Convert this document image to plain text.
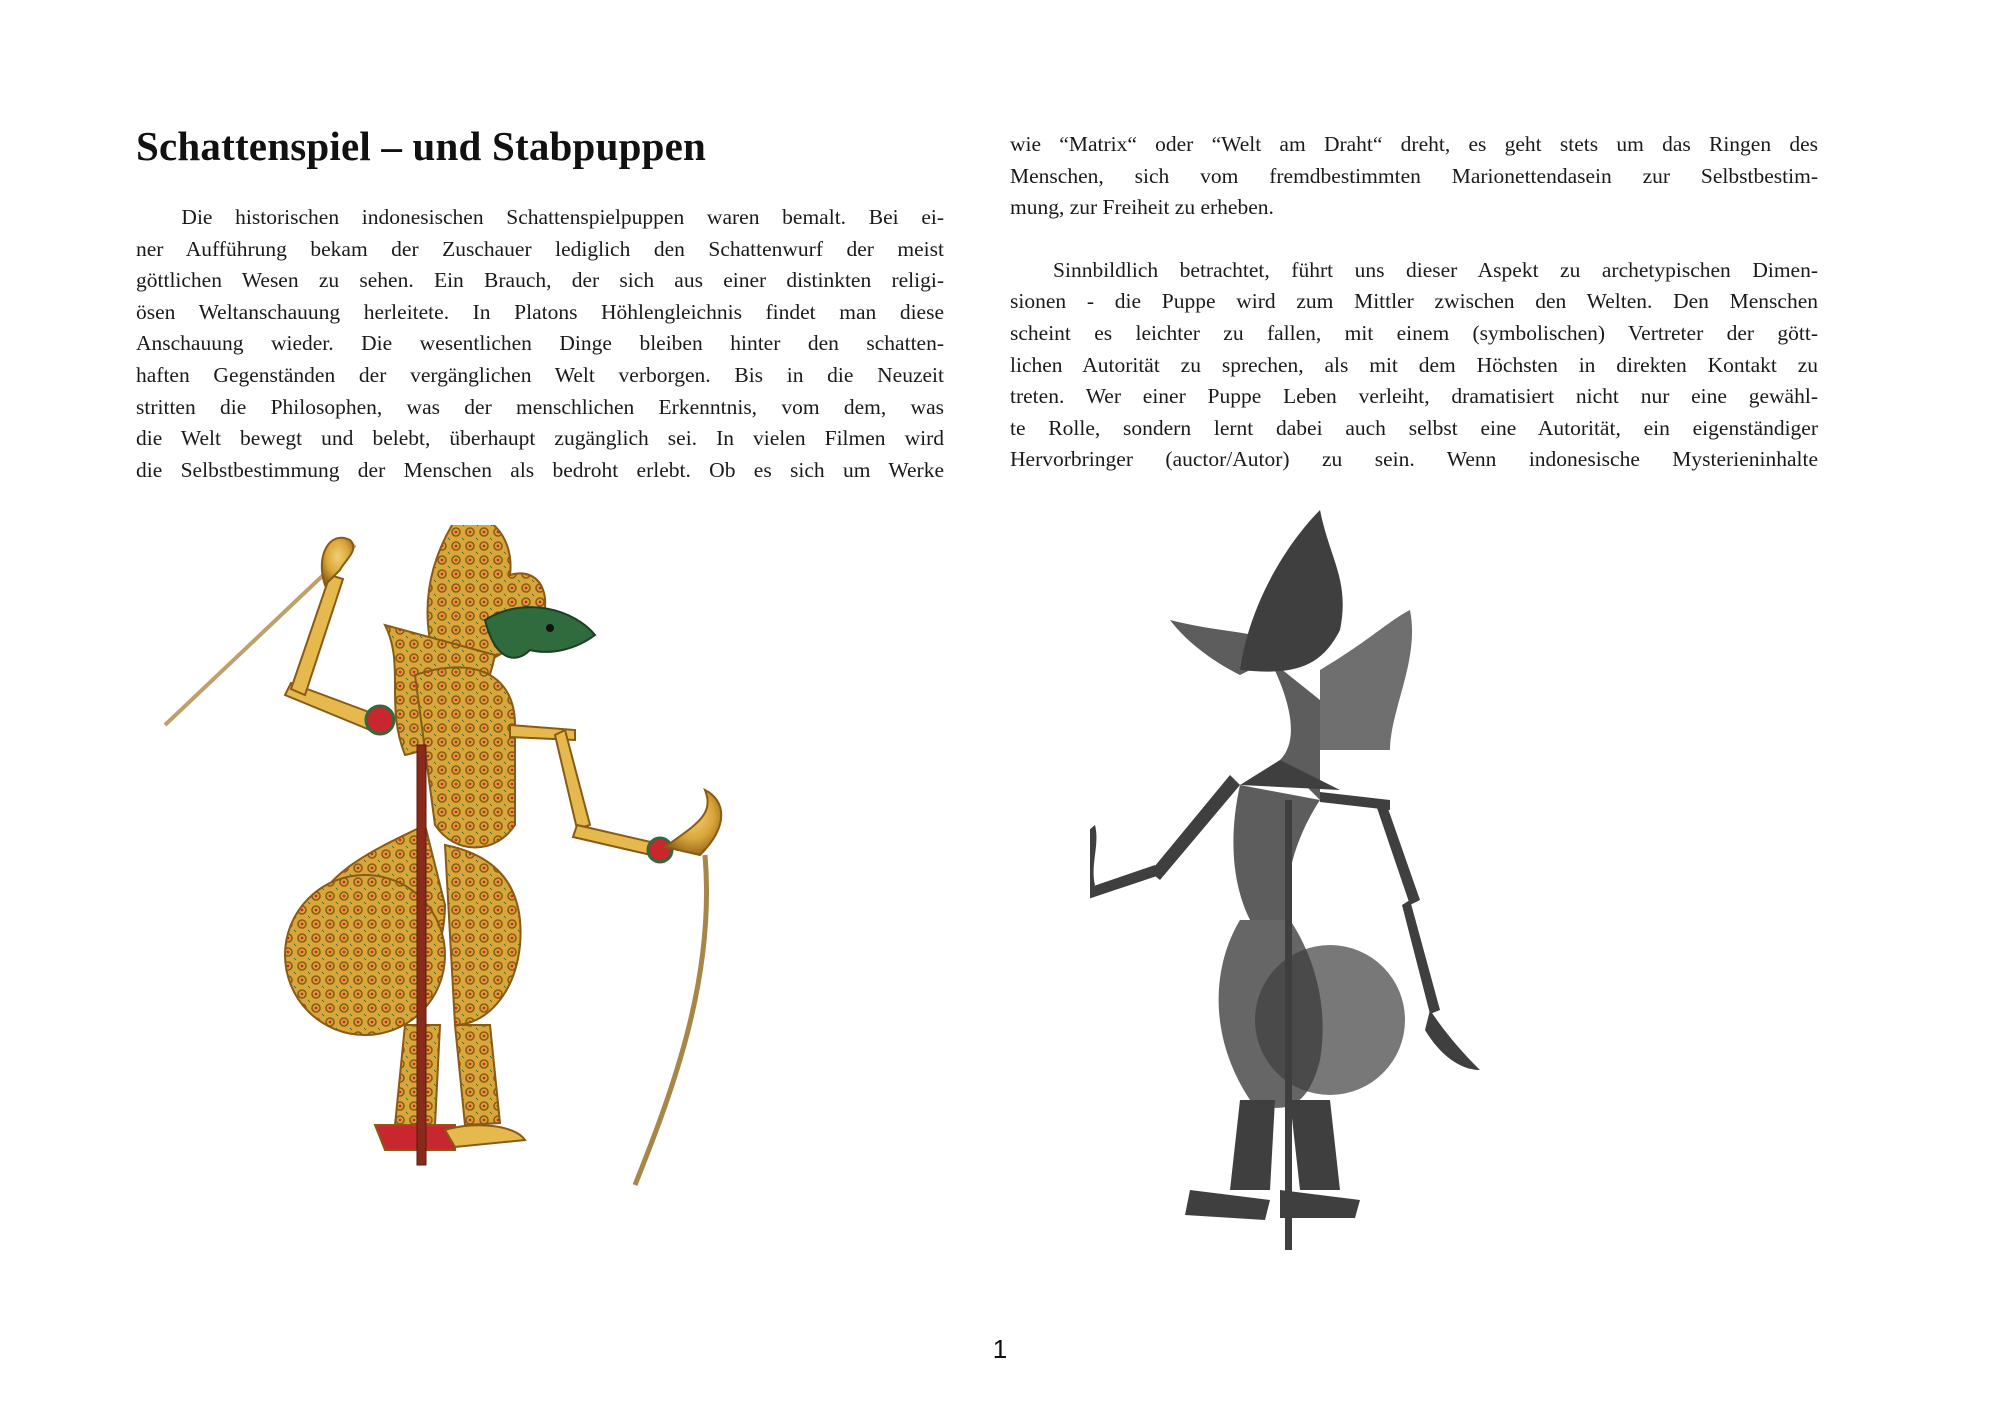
Schattenspiel – und Stabpuppen

Die historischen indonesischen Schattenspielpuppen waren bemalt. Bei ei-
ner Aufführung bekam der Zuschauer lediglich den Schattenwurf der meist
göttlichen Wesen zu sehen. Ein Brauch, der sich aus einer distinkten religi-
ösen Weltanschauung herleitete. In Platons Höhlengleichnis findet man diese
Anschauung wieder. Die wesentlichen Dinge bleiben hinter den schatten-
haften Gegenständen der vergänglichen Welt verborgen. Bis in die Neuzeit
stritten die Philosophen, was der menschlichen Erkenntnis, vom dem, was
die Welt bewegt und belebt, überhaupt zugänglich sei. In vielen Filmen wird
die Selbstbestimmung der Menschen als bedroht erlebt. Ob es sich um Werke

wie “Matrix“ oder “Welt am Draht“ dreht, es geht stets um das Ringen des
Menschen, sich vom fremdbestimmten Marionettendasein zur Selbstbestim-
mung, zur Freiheit zu erheben.

Sinnbildlich betrachtet, führt uns dieser Aspekt zu archetypischen Dimen-
sionen - die Puppe wird zum Mittler zwischen den Welten. Den Menschen
scheint es leichter zu fallen, mit einem (symbolischen) Vertreter der gött-
lichen Autorität zu sprechen, als mit dem Höchsten in direkten Kontakt zu
treten. Wer einer Puppe Leben verleiht, dramatisiert nicht nur eine gewähl-
te Rolle, sondern lernt dabei auch selbst eine Autorität, ein eigenständiger
Hervorbringer (auctor/Autor) zu sein. Wenn indonesische Mysterieninhalte

1
